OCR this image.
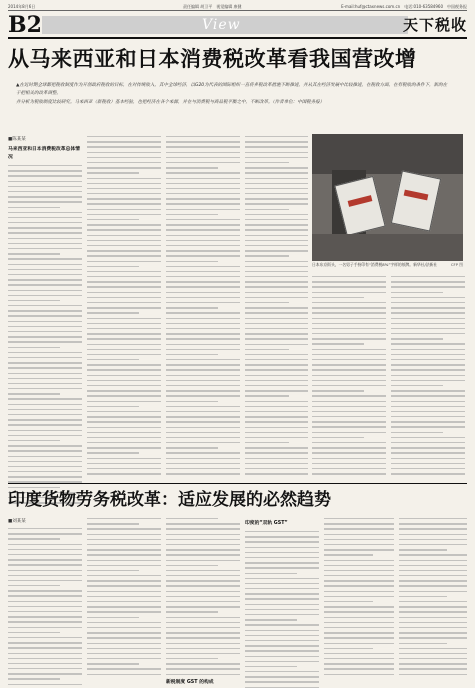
2014年8月6日	责任编辑 胡卫平　视觉编辑 康健	E-mail:huf@ctaxnews.com.cn　电话:010-63584960　中国税务报
B2	View	天下税收
从马来西亚和日本消费税改革看我国营改增

▲在近时期全球都把税收制度作为开创政府税收的目标，在对传统收入，其中全球经济，以G20为代表的国际组织一直将多税改革措施不断推进，并从其在经济发展中比较推进，在税收方面，在有税收的条件下，新的在于把相关的改革调整。

并分析为税收制度比较研究。马来西亚（新税收）基本经验，也把经济在各个来源，并在与消费税与商品税平衡之中，不断改革。（作者单位：中国税务报）

■陈某某
马来西亚和日本消费税改革总体情况
日本东京街头，一名男子手持印有“消费税8%”字样的纸牌。新华社/法新社	CFP 图
印度货物劳务税改革：适应发展的必然趋势
■刘某某
新税制度 GST 的构成
印度的“双轨 GST”
